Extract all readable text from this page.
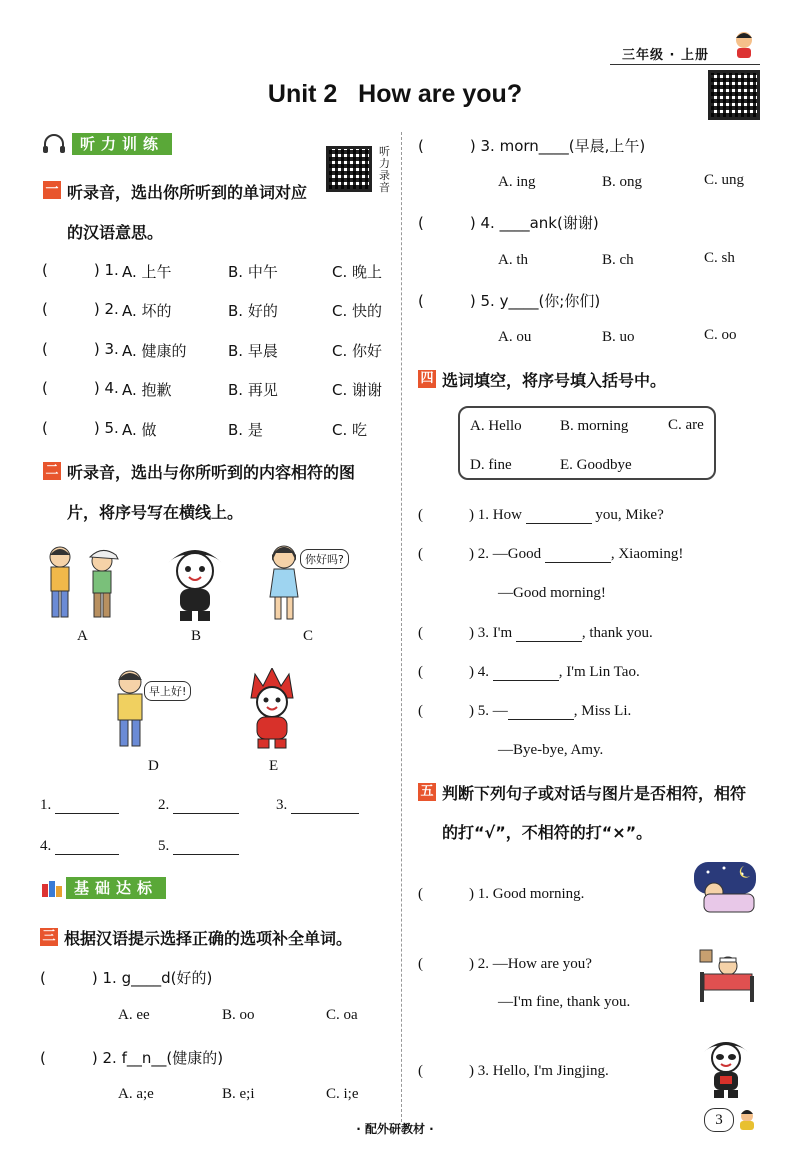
三年级 · 上册
Unit 2   How are you?
听力训练	听力录音
一 听录音，选出你所听到的单词对应
的汉语意思。
(	) 1. A. 上午	B. 中午	C. 晚上
(	) 2. A. 坏的	B. 好的	C. 快的
(	) 3. A. 健康的	B. 早晨	C. 你好
(	) 4. A. 抱歉	B. 再见	C. 谢谢
(	) 5. A. 做	B. 是	C. 吃
二 听录音，选出与你所听到的内容相符的图
片，将序号写在横线上。
A	B
你好吗?
C
早上好!
D	E
1.	2.	3.
4.	5.
基础达标
三 根据汉语提示选择正确的选项补全单词。
(	) 1. g____d(好的)
A. ee	B. oo	C. oa
(	) 2. f__n__(健康的)
A. a;e	B. e;i	C. i;e
(	) 3. morn____(早晨,上午)
A. ing	B. ong	C. ung
(	) 4. ____ank(谢谢)
A. th	B. ch	C. sh
(	) 5. y____(你;你们)
A. ou	B. uo	C. oo
四 选词填空，将序号填入括号中。
A. Hello	B. morning	C. are
D. fine	E. Goodbye
(	) 1. How	you, Mike?
(	) 2. —Good	, Xiaoming!
—Good morning!
(	) 3. I'm	, thank you.
(	) 4.	, I'm Lin Tao.
(	) 5. —	, Miss Li.
—Bye-bye, Amy.
五 判断下列句子或对话与图片是否相符，相符
的打“√”，不相符的打“×”。
(	) 1. Good morning.
(	) 2. —How are you?
—I'm fine, thank you.
(	) 3. Hello, I'm Jingjing.
· 配外研教材 ·
3
